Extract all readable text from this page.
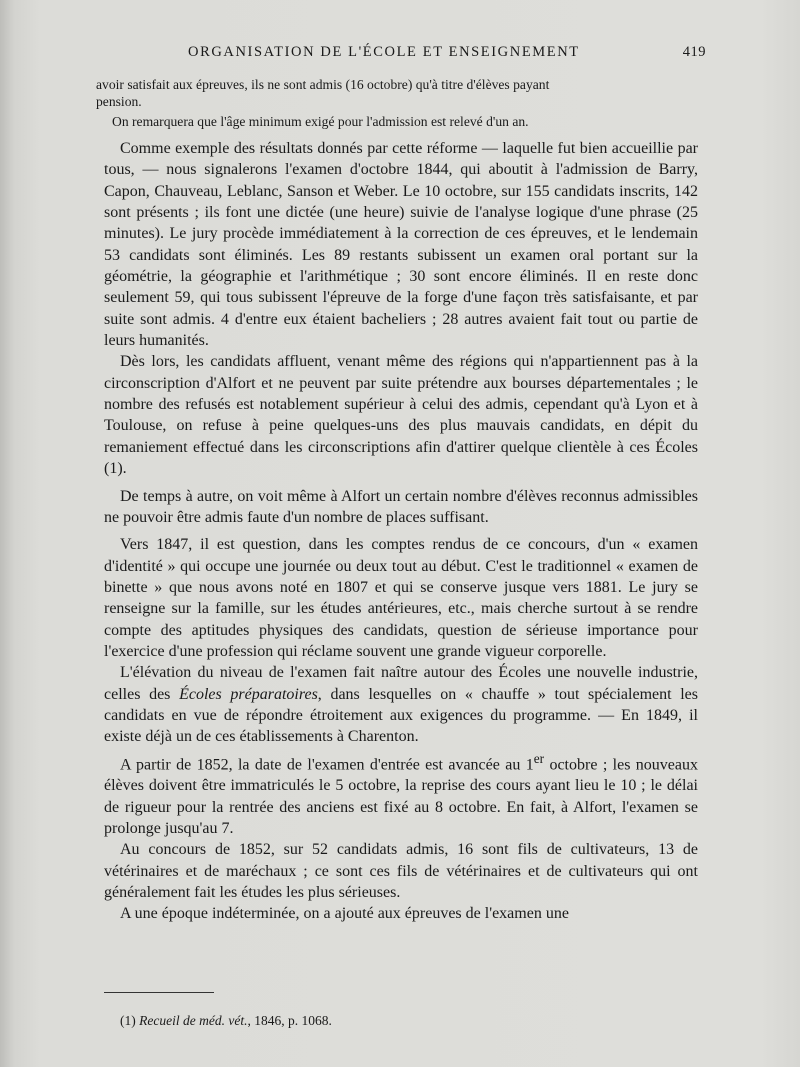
ORGANISATION DE L'ÉCOLE ET ENSEIGNEMENT	419
avoir satisfait aux épreuves, ils ne sont admis (16 octobre) qu'à titre d'élèves payant
pension.
On remarquera que l'âge minimum exigé pour l'admission est relevé d'un an.

Comme exemple des résultats donnés par cette réforme — laquelle fut bien accueillie par tous, — nous signalerons l'examen d'octobre 1844, qui aboutit à l'admission de Barry, Capon, Chauveau, Leblanc, Sanson et Weber. Le 10 octobre, sur 155 candidats inscrits, 142 sont présents ; ils font une dictée (une heure) suivie de l'analyse logique d'une phrase (25 minutes). Le jury procède immédiatement à la correction de ces épreuves, et le lendemain 53 candidats sont éliminés. Les 89 restants subissent un examen oral portant sur la géométrie, la géographie et l'arithmétique ; 30 sont encore éliminés. Il en reste donc seulement 59, qui tous subissent l'épreuve de la forge d'une façon très satisfaisante, et par suite sont admis. 4 d'entre eux étaient bacheliers ; 28 autres avaient fait tout ou partie de leurs humanités.

Dès lors, les candidats affluent, venant même des régions qui n'appartiennent pas à la circonscription d'Alfort et ne peuvent par suite prétendre aux bourses départementales ; le nombre des refusés est notablement supérieur à celui des admis, cependant qu'à Lyon et à Toulouse, on refuse à peine quelques-uns des plus mauvais candidats, en dépit du remaniement effectué dans les circonscriptions afin d'attirer quelque clientèle à ces Écoles (1).

De temps à autre, on voit même à Alfort un certain nombre d'élèves reconnus admissibles ne pouvoir être admis faute d'un nombre de places suffisant.

Vers 1847, il est question, dans les comptes rendus de ce concours, d'un « examen d'identité » qui occupe une journée ou deux tout au début. C'est le traditionnel « examen de binette » que nous avons noté en 1807 et qui se conserve jusque vers 1881. Le jury se renseigne sur la famille, sur les études antérieures, etc., mais cherche surtout à se rendre compte des aptitudes physiques des candidats, question de sérieuse importance pour l'exercice d'une profession qui réclame souvent une grande vigueur corporelle.

L'élévation du niveau de l'examen fait naître autour des Écoles une nouvelle industrie, celles des Écoles préparatoires, dans lesquelles on « chauffe » tout spécialement les candidats en vue de répondre étroitement aux exigences du programme. — En 1849, il existe déjà un de ces établissements à Charenton.

A partir de 1852, la date de l'examen d'entrée est avancée au 1er octobre ; les nouveaux élèves doivent être immatriculés le 5 octobre, la reprise des cours ayant lieu le 10 ; le délai de rigueur pour la rentrée des anciens est fixé au 8 octobre. En fait, à Alfort, l'examen se prolonge jusqu'au 7.

Au concours de 1852, sur 52 candidats admis, 16 sont fils de cultivateurs, 13 de vétérinaires et de maréchaux ; ce sont ces fils de vétérinaires et de cultivateurs qui ont généralement fait les études les plus sérieuses.

A une époque indéterminée, on a ajouté aux épreuves de l'examen une

(1) Recueil de méd. vét., 1846, p. 1068.
